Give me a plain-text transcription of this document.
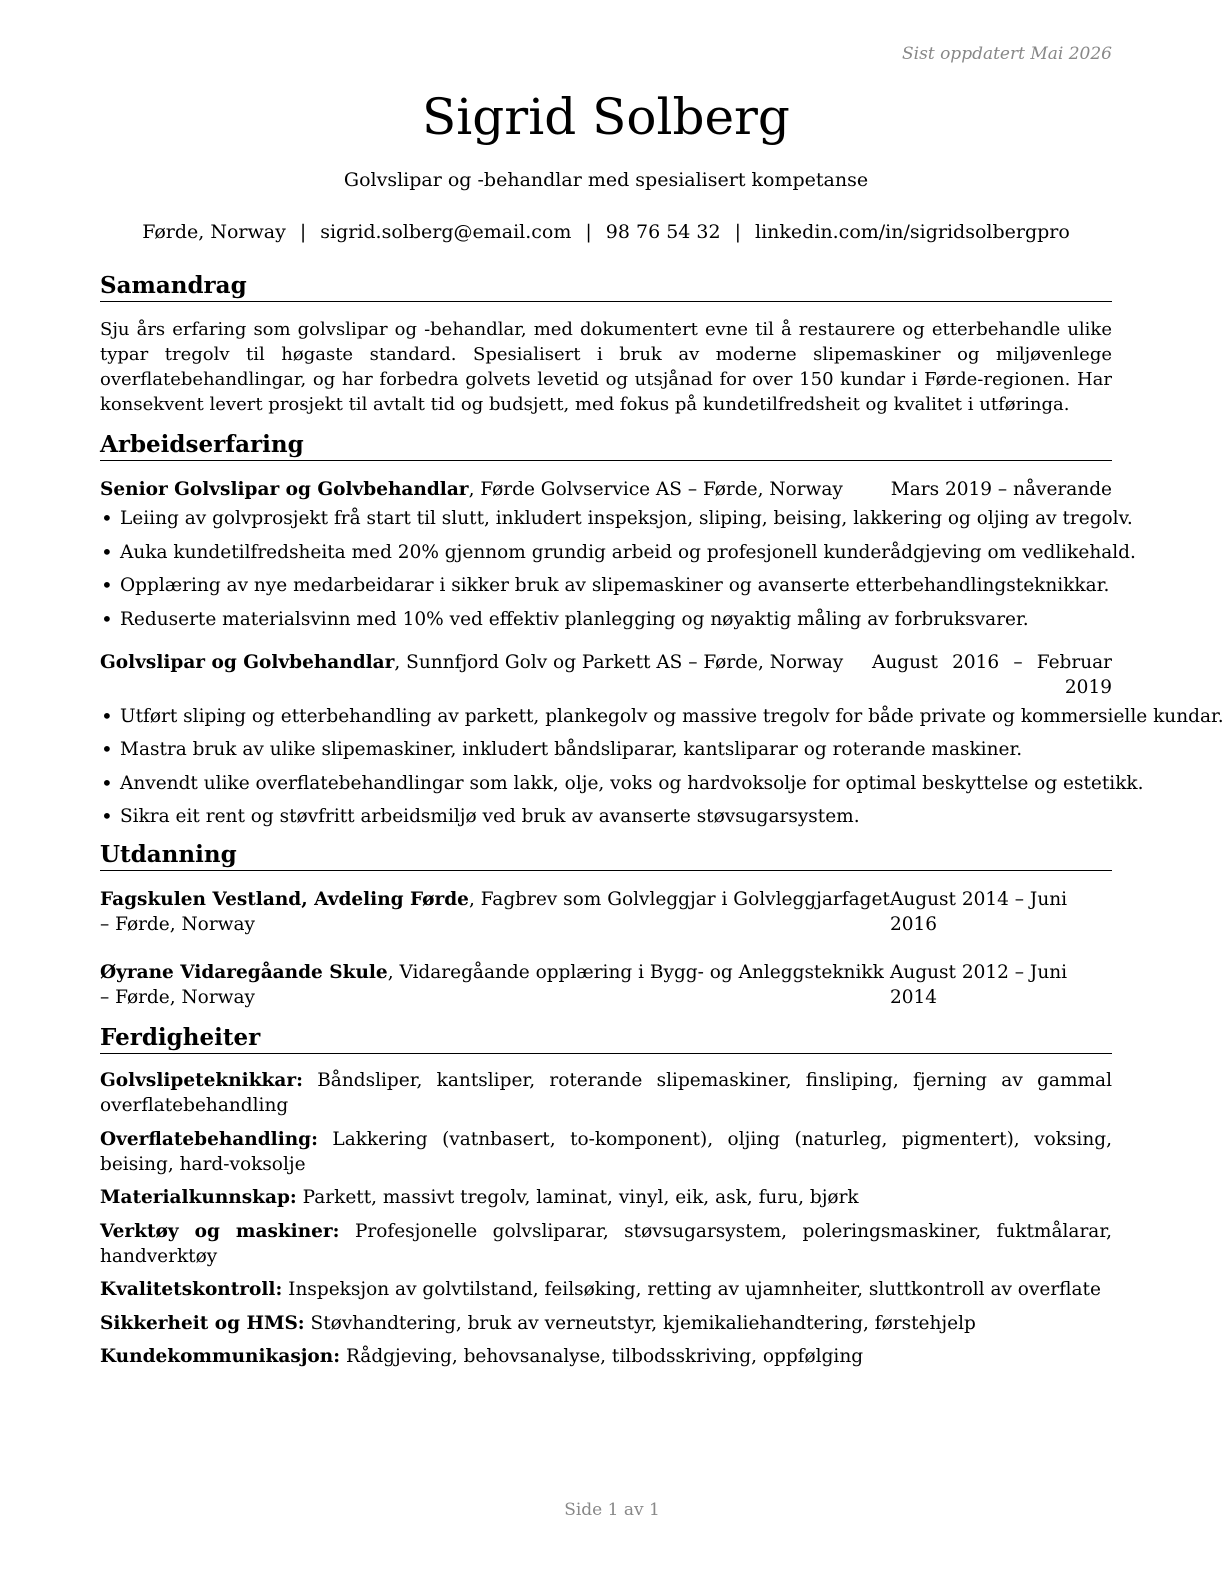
Sist oppdatert Mai 2026
Sigrid Solberg
Golvslipar og -behandlar med spesialisert kompetanse
Førde, Norway | sigrid.solberg@email.com | 98 76 54 32 | linkedin.com/in/sigridsolbergpro
Samandrag
Sju års erfaring som golvslipar og -behandlar, med dokumentert evne til å restaurere og etterbehandle ulike typar tregolv til høgaste standard. Spesialisert i bruk av moderne slipemaskiner og miljøvenlege overflatebehandlingar, og har forbedra golvets levetid og utsjånad for over 150 kundar i Førde-regionen. Har konsekvent levert prosjekt til avtalt tid og budsjett, med fokus på kundetilfredsheit og kvalitet i utføringa.
Arbeidserfaring
Senior Golvslipar og Golvbehandlar, Førde Golvservice AS – Førde, Norway	Mars 2019 – nåverande
• Leiing av golvprosjekt frå start til slutt, inkludert inspeksjon, sliping, beising, lakkering og oljing av tregolv.
• Auka kundetilfredsheita med 20% gjennom grundig arbeid og profesjonell kunderådgjeving om vedlikehald.
• Opplæring av nye medarbeidarar i sikker bruk av slipemaskiner og avanserte etterbehandlingsteknikkar.
• Reduserte materialsvinn med 10% ved effektiv planlegging og nøyaktig måling av forbruksvarer.
Golvslipar og Golvbehandlar, Sunnfjord Golv og Parkett AS – Førde, Norway August 2016 – Februar 2019
• Utført sliping og etterbehandling av parkett, plankegolv og massive tregolv for både private og kommersielle kundar.
• Mastra bruk av ulike slipemaskiner, inkludert båndsliparar, kantsliparar og roterande maskiner.
• Anvendt ulike overflatebehandlingar som lakk, olje, voks og hardvoksolje for optimal beskyttelse og estetikk.
• Sikra eit rent og støvfritt arbeidsmiljø ved bruk av avanserte støvsugarsystem.
Utdanning
Fagskulen Vestland, Avdeling Førde, Fagbrev som Golvleggjar i Golvleggjarfaget – Førde, Norway
August 2014 – Juni 2016
Øyrane Vidaregåande Skule, Vidaregåande opplæring i Bygg- og Anleggsteknikk – Førde, Norway
August 2012 – Juni 2014
Ferdigheiter
Golvslipeteknikkar: Båndsliper, kantsliper, roterande slipemaskiner, finsliping, fjerning av gammal overflatebehandling
Overflatebehandling: Lakkering (vatnbasert, to-komponent), oljing (naturleg, pigmentert), voksing, beising, hard-voksolje
Materialkunnskap: Parkett, massivt tregolv, laminat, vinyl, eik, ask, furu, bjørk
Verktøy og maskiner: Profesjonelle golvsliparar, støvsugarsystem, poleringsmaskiner, fuktmålarar, handverktøy
Kvalitetskontroll: Inspeksjon av golvtilstand, feilsøking, retting av ujamnheiter, sluttkontroll av overflate
Sikkerheit og HMS: Støvhandtering, bruk av verneutstyr, kjemikaliehandtering, førstehjelp
Kundekommunikasjon: Rådgjeving, behovsanalyse, tilbodsskriving, oppfølging
Side 1 av 1
